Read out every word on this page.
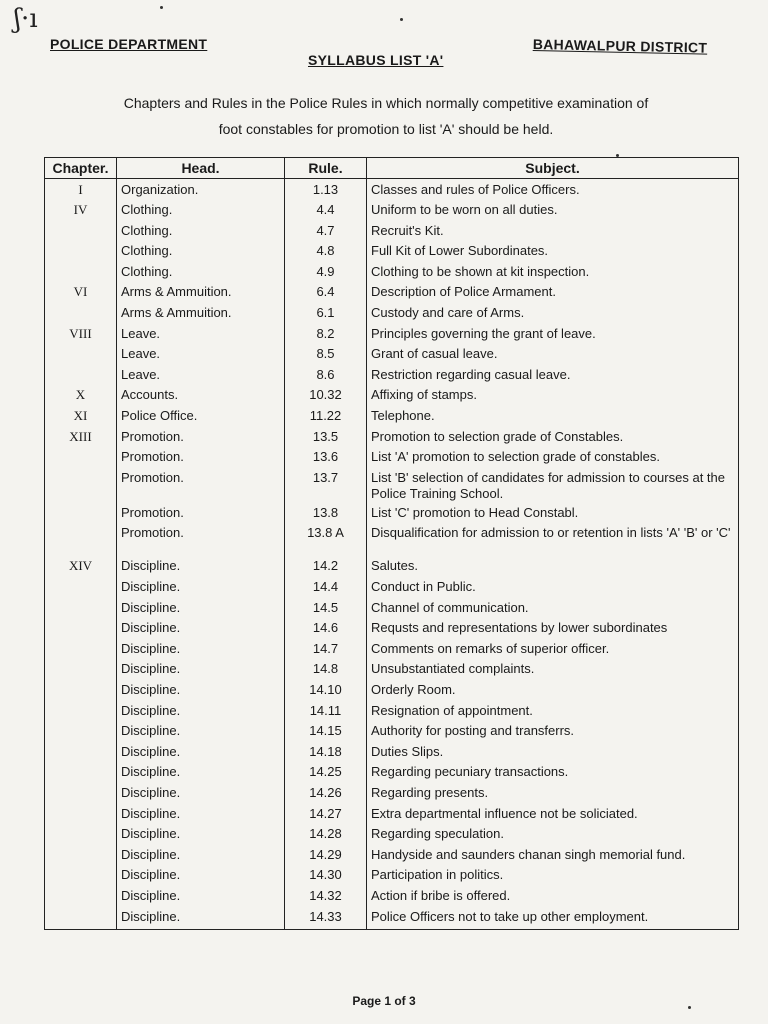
ʃ·ı
POLICE DEPARTMENT
SYLLABUS LIST 'A'
BAHAWALPUR DISTRICT
Chapters and Rules in the Police Rules in which normally competitive examination of
foot constables for promotion to list 'A' should be held.
Chapter.	Head.	Rule.	Subject.
I	Organization.	1.13	Classes and rules of Police Officers.
IV	Clothing.	4.4	Uniform to be worn on all duties.
	Clothing.	4.7	Recruit's Kit.
	Clothing.	4.8	Full Kit of Lower Subordinates.
	Clothing.	4.9	Clothing to be shown at kit inspection.
VI	Arms & Ammuition.	6.4	Description of Police Armament.
	Arms & Ammuition.	6.1	Custody and care of Arms.
VIII	Leave.	8.2	Principles governing the grant of leave.
	Leave.	8.5	Grant of casual leave.
	Leave.	8.6	Restriction regarding casual leave.
X	Accounts.	10.32	Affixing of stamps.
XI	Police Office.	11.22	Telephone.
XIII	Promotion.	13.5	Promotion to selection grade of Constables.
	Promotion.	13.6	List 'A' promotion to selection grade of constables.
	Promotion.	13.7	List 'B' selection of candidates for admission to courses at the Police Training School.
	Promotion.	13.8	List 'C' promotion to Head Constabl.
	Promotion.	13.8 A	Disqualification for admission to or retention in lists 'A' 'B' or 'C'
XIV	Discipline.	14.2	Salutes.
	Discipline.	14.4	Conduct in Public.
	Discipline.	14.5	Channel of communication.
	Discipline.	14.6	Requsts and representations by lower subordinates
	Discipline.	14.7	Comments on remarks of superior officer.
	Discipline.	14.8	Unsubstantiated complaints.
	Discipline.	14.10	Orderly Room.
	Discipline.	14.11	Resignation of appointment.
	Discipline.	14.15	Authority for posting and transferrs.
	Discipline.	14.18	Duties Slips.
	Discipline.	14.25	Regarding pecuniary transactions.
	Discipline.	14.26	Regarding presents.
	Discipline.	14.27	Extra departmental influence not be soliciated.
	Discipline.	14.28	Regarding speculation.
	Discipline.	14.29	Handyside and saunders chanan singh memorial fund.
	Discipline.	14.30	Participation in politics.
	Discipline.	14.32	Action if bribe is offered.
	Discipline.	14.33	Police Officers not to take up other employment.
Page 1 of 3
